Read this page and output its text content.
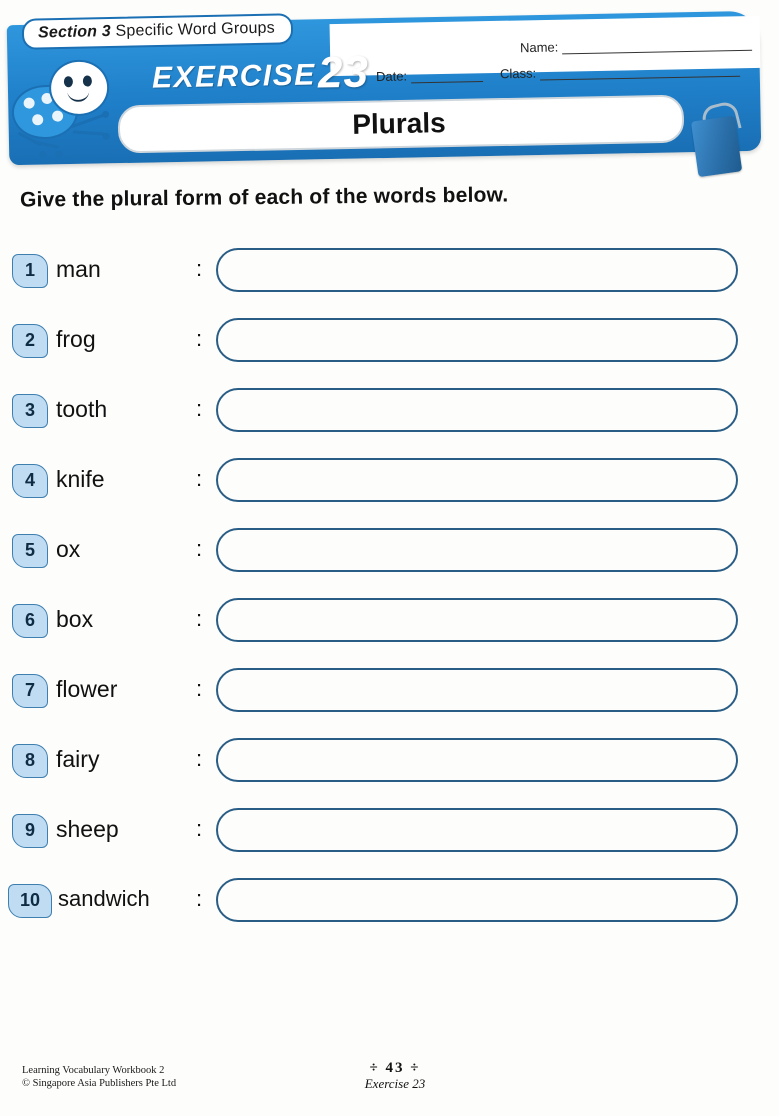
Section 3 Specific Word Groups
EXERCISE 23
Plurals
Name:
Date:	Class:
Give the plural form of each of the words below.
1 man	:
2 frog	:
3 tooth	:
4 knife	:
5 ox	:
6 box	:
7 flower	:
8 fairy	:
9 sheep	:
10 sandwich :
Learning Vocabulary Workbook 2
© Singapore Asia Publishers Pte Ltd
÷ 43 ÷
Exercise 23
